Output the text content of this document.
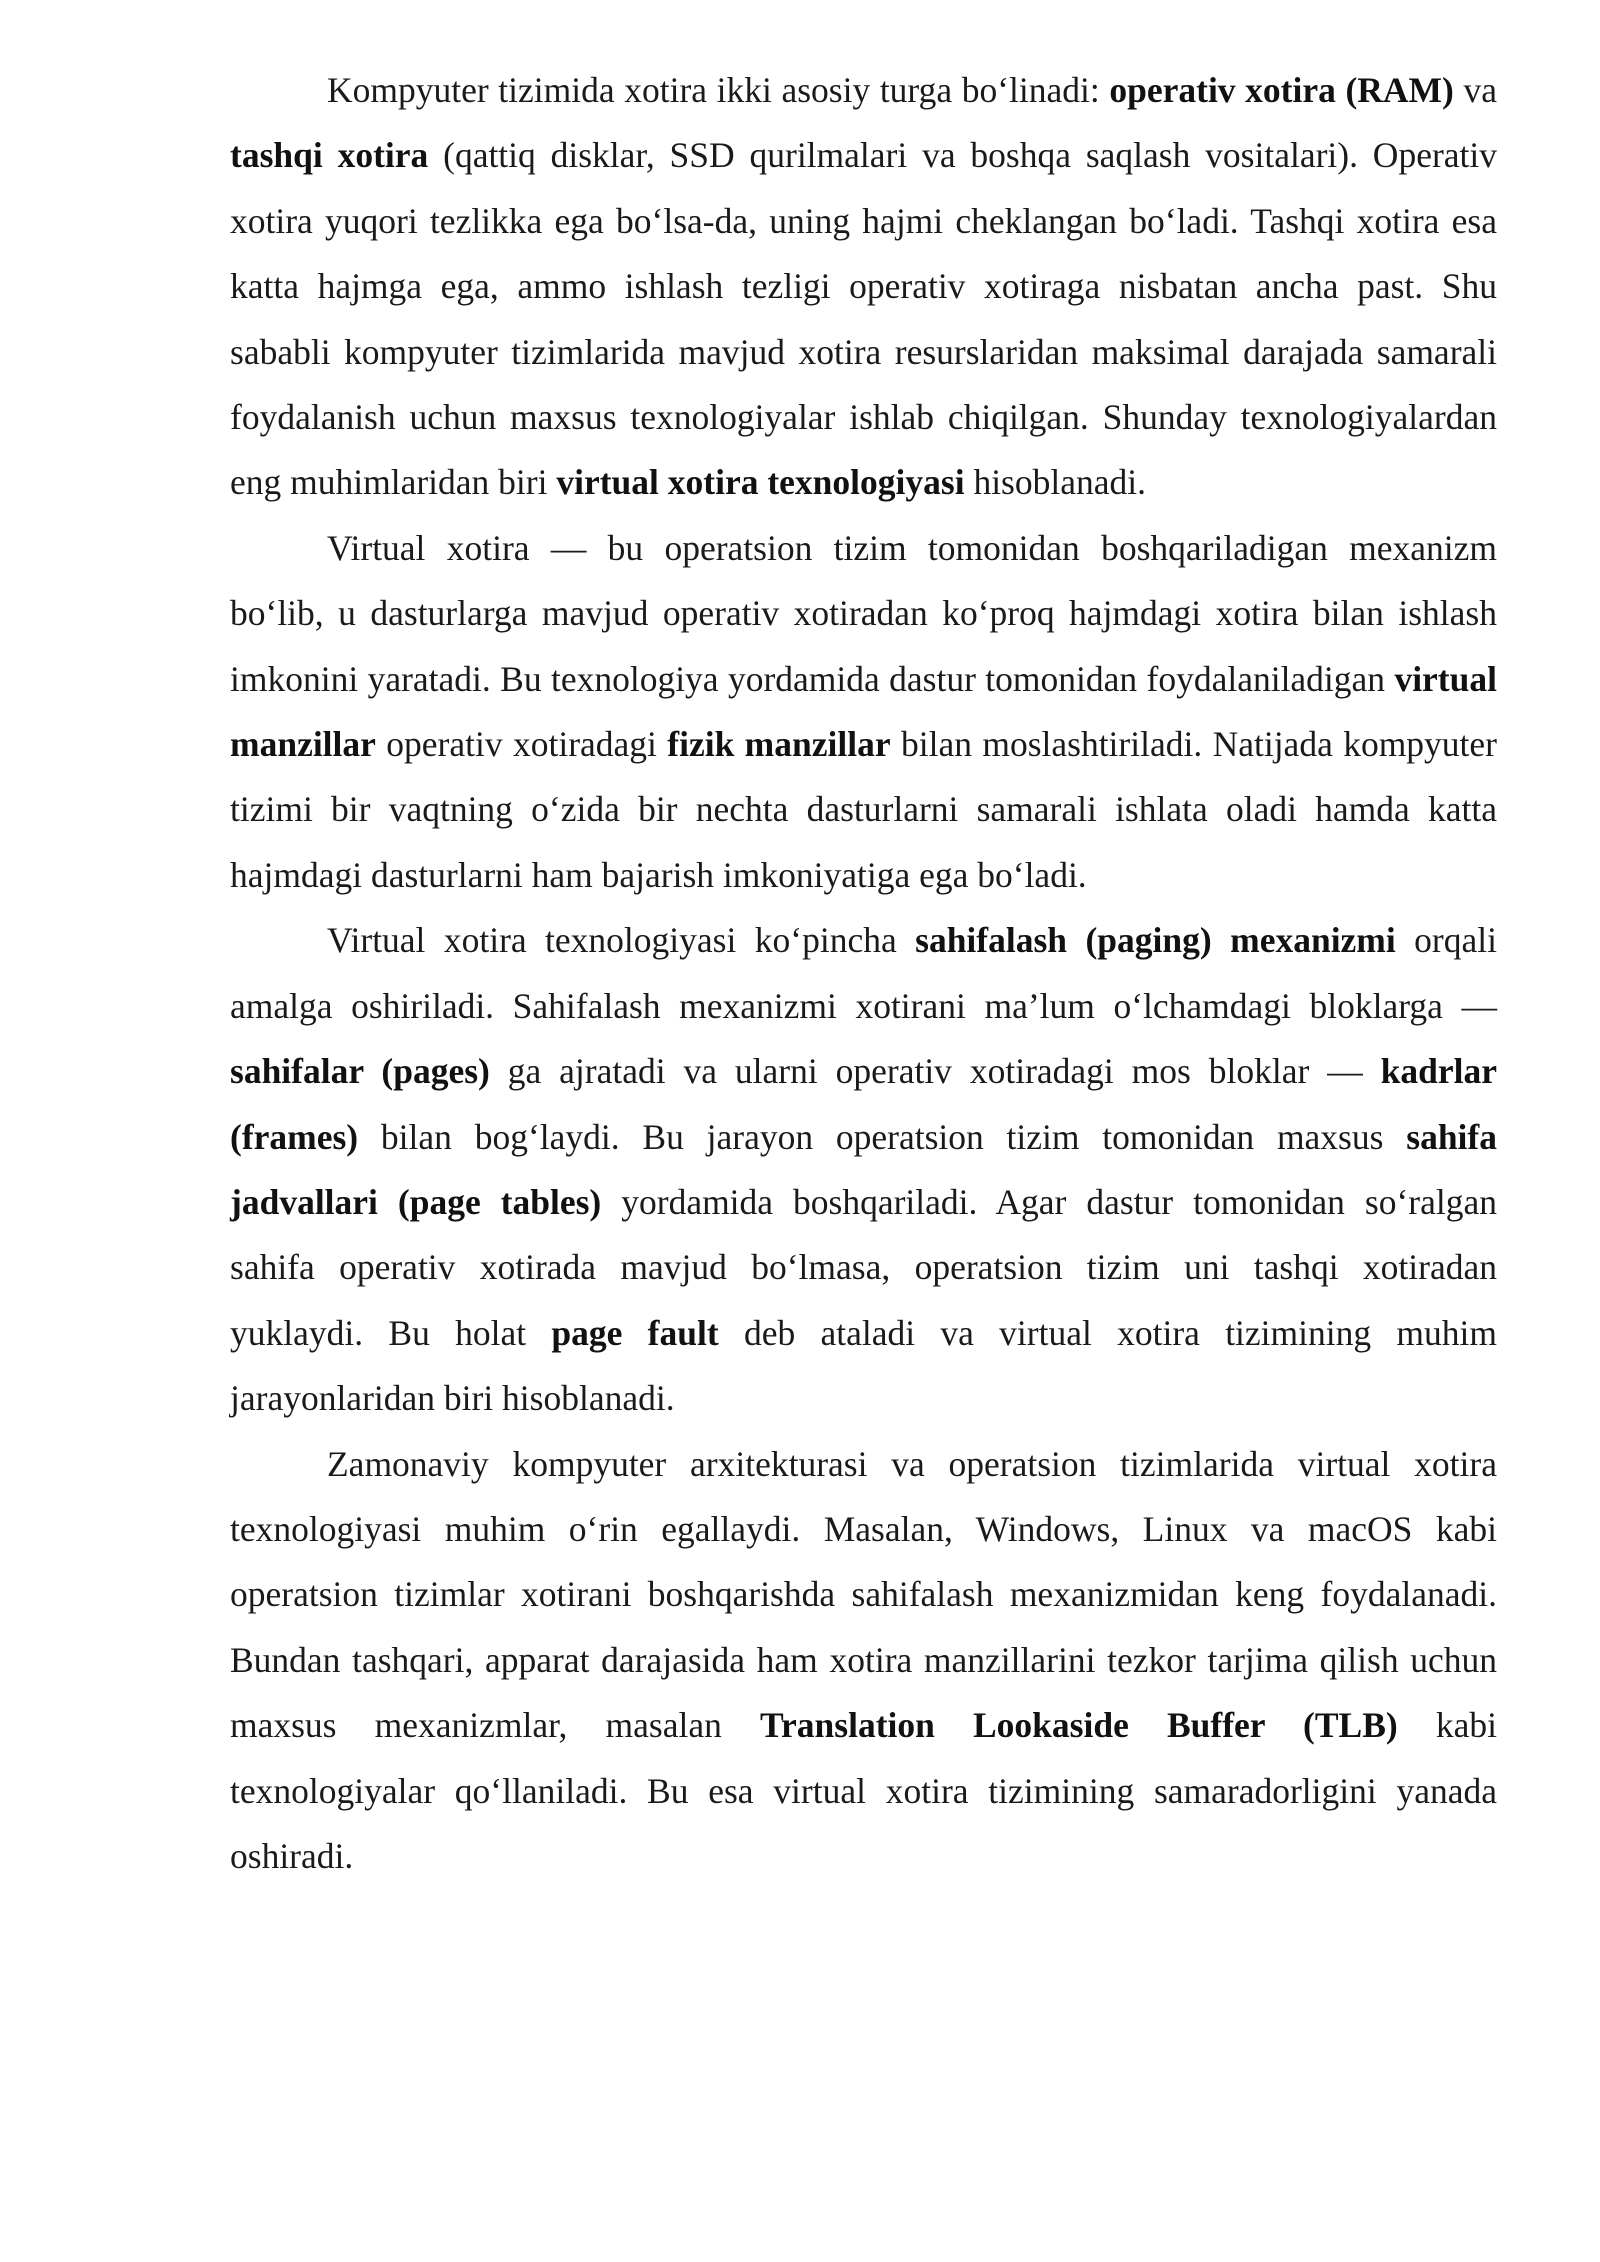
Kompyuter tizimida xotira ikki asosiy turga bo‘linadi: operativ xotira (RAM) va tashqi xotira (qattiq disklar, SSD qurilmalari va boshqa saqlash vositalari). Operativ xotira yuqori tezlikka ega bo‘lsa-da, uning hajmi cheklangan bo‘ladi. Tashqi xotira esa katta hajmga ega, ammo ishlash tezligi operativ xotiraga nisbatan ancha past. Shu sababli kompyuter tizimlarida mavjud xotira resurslaridan maksimal darajada samarali foydalanish uchun maxsus texnologiyalar ishlab chiqilgan. Shunday texnologiyalardan eng muhimlaridan biri virtual xotira texnologiyasi hisoblanadi.

Virtual xotira — bu operatsion tizim tomonidan boshqariladigan mexanizm bo‘lib, u dasturlarga mavjud operativ xotiradan ko‘proq hajmdagi xotira bilan ishlash imkonini yaratadi. Bu texnologiya yordamida dastur tomonidan foydalaniladigan virtual manzillar operativ xotiradagi fizik manzillar bilan moslashtiriladi. Natijada kompyuter tizimi bir vaqtning o‘zida bir nechta dasturlarni samarali ishlata oladi hamda katta hajmdagi dasturlarni ham bajarish imkoniyatiga ega bo‘ladi.

Virtual xotira texnologiyasi ko‘pincha sahifalash (paging) mexanizmi orqali amalga oshiriladi. Sahifalash mexanizmi xotirani ma’lum o‘lchamdagi bloklarga — sahifalar (pages) ga ajratadi va ularni operativ xotiradagi mos bloklar — kadrlar (frames) bilan bog‘laydi. Bu jarayon operatsion tizim tomonidan maxsus sahifa jadvallari (page tables) yordamida boshqariladi. Agar dastur tomonidan so‘ralgan sahifa operativ xotirada mavjud bo‘lmasa, operatsion tizim uni tashqi xotiradan yuklaydi. Bu holat page fault deb ataladi va virtual xotira tizimining muhim jarayonlaridan biri hisoblanadi.

Zamonaviy kompyuter arxitekturasi va operatsion tizimlarida virtual xotira texnologiyasi muhim o‘rin egallaydi. Masalan, Windows, Linux va macOS kabi operatsion tizimlar xotirani boshqarishda sahifalash mexanizmidan keng foydalanadi. Bundan tashqari, apparat darajasida ham xotira manzillarini tezkor tarjima qilish uchun maxsus mexanizmlar, masalan Translation Lookaside Buffer (TLB) kabi texnologiyalar qo‘llaniladi. Bu esa virtual xotira tizimining samaradorligini yanada oshiradi.
